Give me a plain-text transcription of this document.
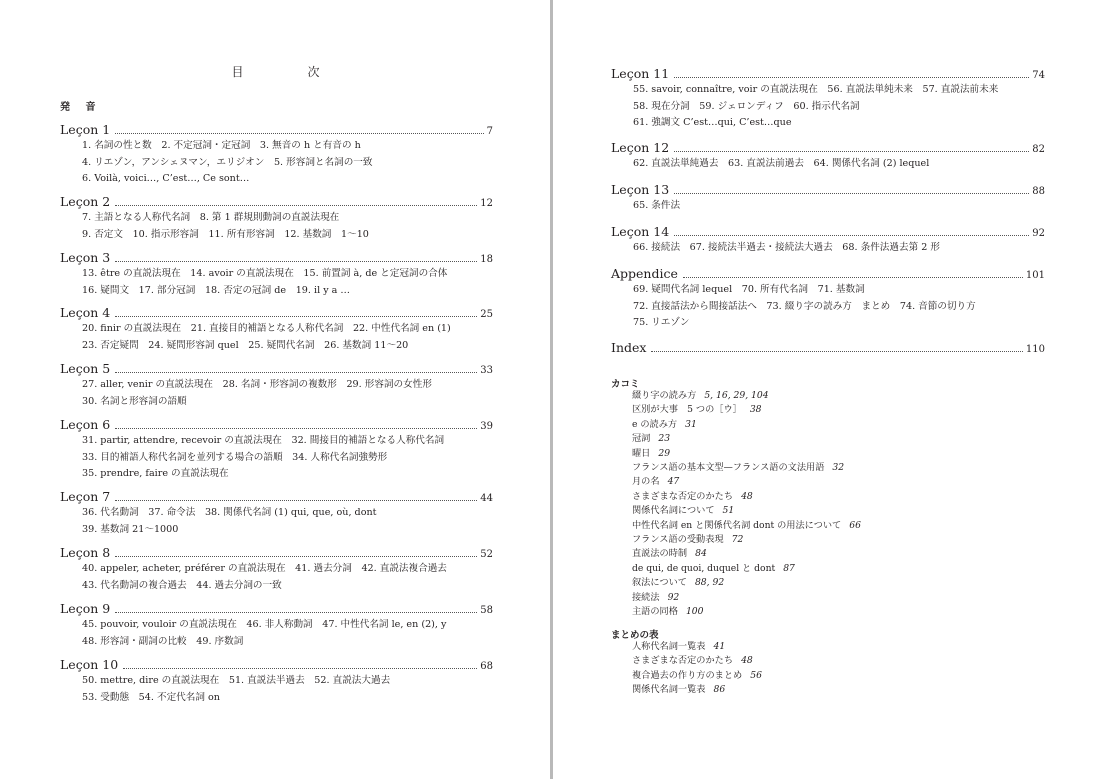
目　次
発 音
Leçon 1	7
1. 名詞の性と数　2. 不定冠詞・定冠詞　3. 無音の h と有音の h
4. リエゾン，アンシェヌマン，エリジオン　5. 形容詞と名詞の一致
6. Voilà, voici…, C’est…, Ce sont…
Leçon 2	12
7. 主語となる人称代名詞　8. 第 1 群規則動詞の直説法現在
9. 否定文　10. 指示形容詞　11. 所有形容詞　12. 基数詞　1～10
Leçon 3	18
13. être の直説法現在　14. avoir の直説法現在　15. 前置詞 à, de と定冠詞の合体
16. 疑問文　17. 部分冠詞　18. 否定の冠詞 de　19. il y a …
Leçon 4	25
20. finir の直説法現在　21. 直接目的補語となる人称代名詞　22. 中性代名詞 en (1)
23. 否定疑問　24. 疑問形容詞 quel　25. 疑問代名詞　26. 基数詞 11～20
Leçon 5	33
27. aller, venir の直説法現在　28. 名詞・形容詞の複数形　29. 形容詞の女性形
30. 名詞と形容詞の語順
Leçon 6	39
31. partir, attendre, recevoir の直説法現在　32. 間接目的補語となる人称代名詞
33. 目的補語人称代名詞を並列する場合の語順　34. 人称代名詞強勢形
35. prendre, faire の直説法現在
Leçon 7	44
36. 代名動詞　37. 命令法　38. 関係代名詞 (1) qui, que, où, dont
39. 基数詞 21～1000
Leçon 8	52
40. appeler, acheter, préférer の直説法現在　41. 過去分詞　42. 直説法複合過去
43. 代名動詞の複合過去　44. 過去分詞の一致
Leçon 9	58
45. pouvoir, vouloir の直説法現在　46. 非人称動詞　47. 中性代名詞 le, en (2), y
48. 形容詞・副詞の比較　49. 序数詞
Leçon 10	68
50. mettre, dire の直説法現在　51. 直説法半過去　52. 直説法大過去
53. 受動態　54. 不定代名詞 on
Leçon 11	74
55. savoir, connaître, voir の直説法現在　56. 直説法単純未来　57. 直説法前未来
58. 現在分詞　59. ジェロンディフ　60. 指示代名詞
61. 強調文 C’est…qui, C’est…que
Leçon 12	82
62. 直説法単純過去　63. 直説法前過去　64. 関係代名詞 (2) lequel
Leçon 13	88
65. 条件法
Leçon 14	92
66. 接続法　67. 接続法半過去・接続法大過去　68. 条件法過去第 2 形
Appendice	101
69. 疑問代名詞 lequel　70. 所有代名詞　71. 基数詞
72. 直接話法から間接話法へ　73. 綴り字の読み方　まとめ　74. 音節の切り方
75. リエゾン
Index	110
カコミ
綴り字の読み方 5, 16, 29, 104
区別が大事　5 つの［ウ］ 38
e の読み方 31
冠詞 23
曜日 29
フランス語の基本文型—フランス語の文法用語 32
月の名 47
さまざまな否定のかたち 48
関係代名詞について 51
中性代名詞 en と関係代名詞 dont の用法について 66
フランス語の受動表現 72
直説法の時制 84
de qui, de quoi, duquel と dont 87
叙法について 88, 92
接続法 92
主語の同格 100
まとめの表
人称代名詞一覧表 41
さまざまな否定のかたち 48
複合過去の作り方のまとめ 56
関係代名詞一覧表 86
